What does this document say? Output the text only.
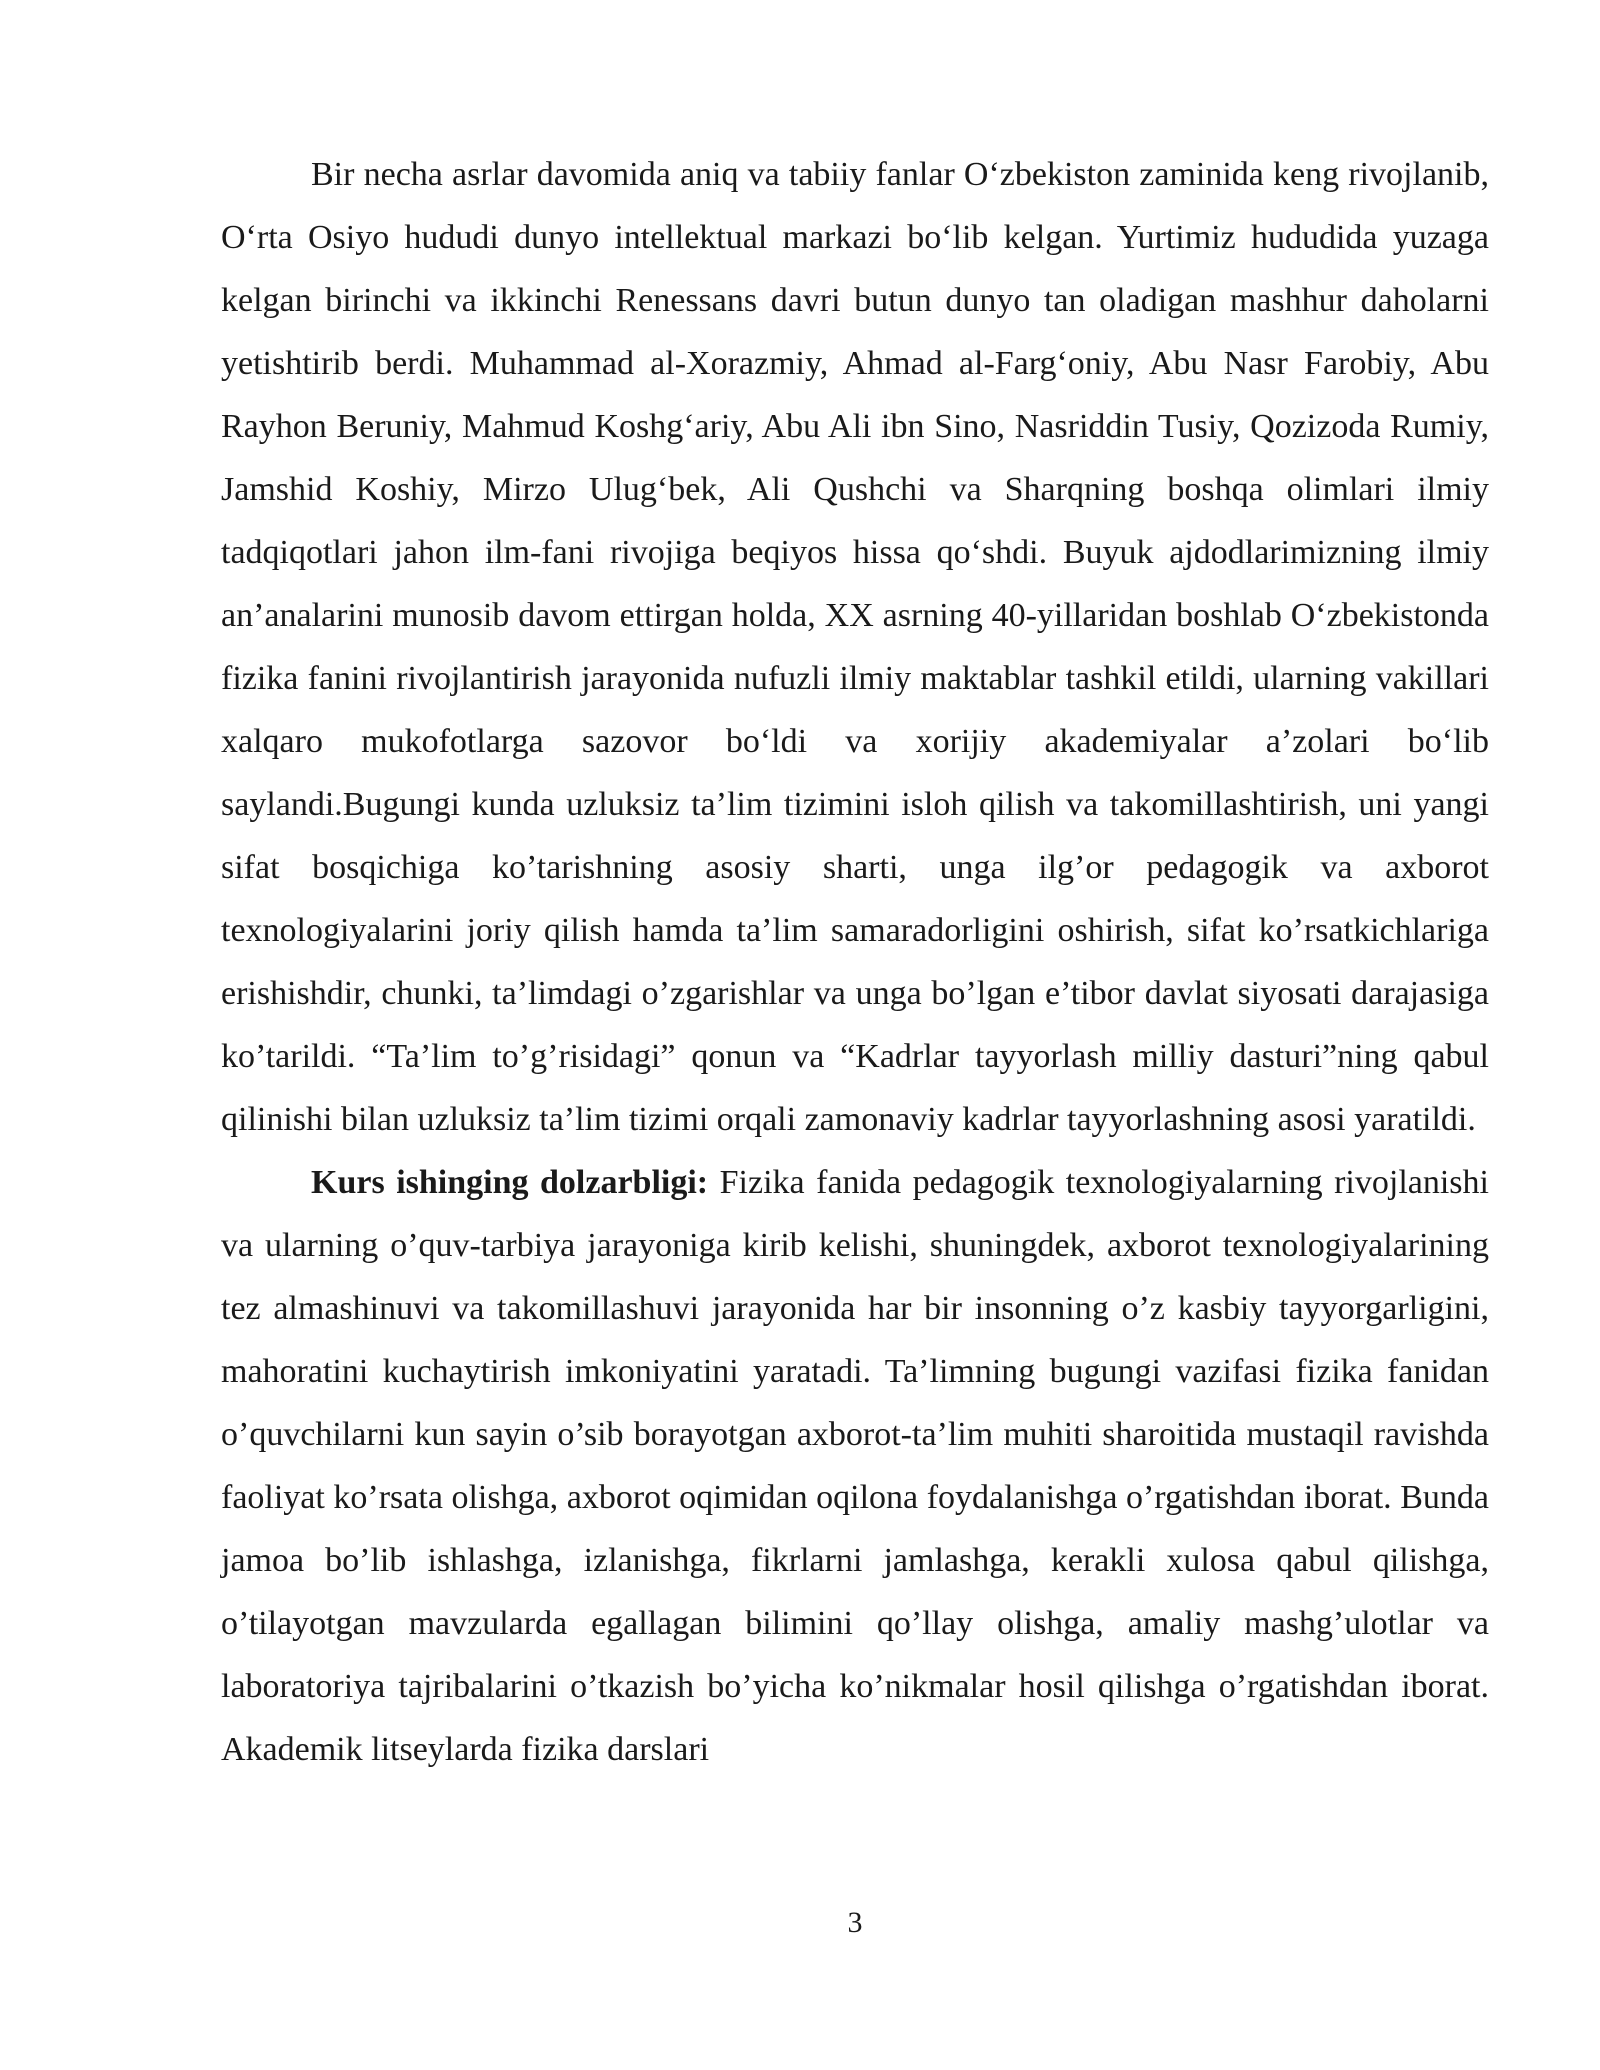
Bir necha asrlar davomida aniq va tabiiy fanlar O‘zbekiston zaminida keng rivojlanib, O‘rta Osiyo hududi dunyo intellektual markazi bo‘lib kelgan. Yurtimiz hududida yuzaga kelgan birinchi va ikkinchi Renessans davri butun dunyo tan oladigan mashhur daholarni yetishtirib berdi. Muhammad al-Xorazmiy, Ahmad al-Farg‘oniy, Abu Nasr Farobiy, Abu Rayhon Beruniy, Mahmud Koshg‘ariy, Abu Ali ibn Sino, Nasriddin Tusiy, Qozizoda Rumiy, Jamshid Koshiy, Mirzo Ulug‘bek, Ali Qushchi va Sharqning boshqa olimlari ilmiy tadqiqotlari jahon ilm-fani rivojiga beqiyos hissa qo‘shdi. Buyuk ajdodlarimizning ilmiy an’analarini munosib davom ettirgan holda, XX asrning 40-yillaridan boshlab O‘zbekistonda fizika fanini rivojlantirish jarayonida nufuzli ilmiy maktablar tashkil etildi, ularning vakillari xalqaro mukofotlarga sazovor bo‘ldi va xorijiy akademiyalar a’zolari bo‘lib saylandi.Bugungi kunda uzluksiz ta’lim tizimini isloh qilish va takomillashtirish, uni yangi sifat bosqichiga ko’tarishning asosiy sharti, unga ilg’or pedagogik va axborot texnologiyalarini joriy qilish hamda ta’lim samaradorligini oshirish, sifat ko’rsatkichlariga erishishdir, chunki, ta’limdagi o’zgarishlar va unga bo’lgan e’tibor davlat siyosati darajasiga ko’tarildi. “Ta’lim to’g’risidagi” qonun va “Kadrlar tayyorlash milliy dasturi”ning qabul qilinishi bilan uzluksiz ta’lim tizimi orqali zamonaviy kadrlar tayyorlashning asosi yaratildi.

Kurs ishinging dolzarbligi: Fizika fanida pedagogik texnologiyalarning rivojlanishi va ularning o’quv-tarbiya jarayoniga kirib kelishi, shuningdek, axborot texnologiyalarining tez almashinuvi va takomillashuvi jarayonida har bir insonning o’z kasbiy tayyorgarligini, mahoratini kuchaytirish imkoniyatini yaratadi. Ta’limning bugungi vazifasi fizika fanidan o’quvchilarni kun sayin o’sib borayotgan axborot-ta’lim muhiti sharoitida mustaqil ravishda faoliyat ko’rsata olishga, axborot oqimidan oqilona foydalanishga o’rgatishdan iborat. Bunda jamoa bo’lib ishlashga, izlanishga, fikrlarni jamlashga, kerakli xulosa qabul qilishga, o’tilayotgan mavzularda egallagan bilimini qo’llay olishga, amaliy mashg’ulotlar va laboratoriya tajribalarini o’tkazish bo’yicha ko’nikmalar hosil qilishga o’rgatishdan iborat. Akademik litseylarda fizika darslari

3
